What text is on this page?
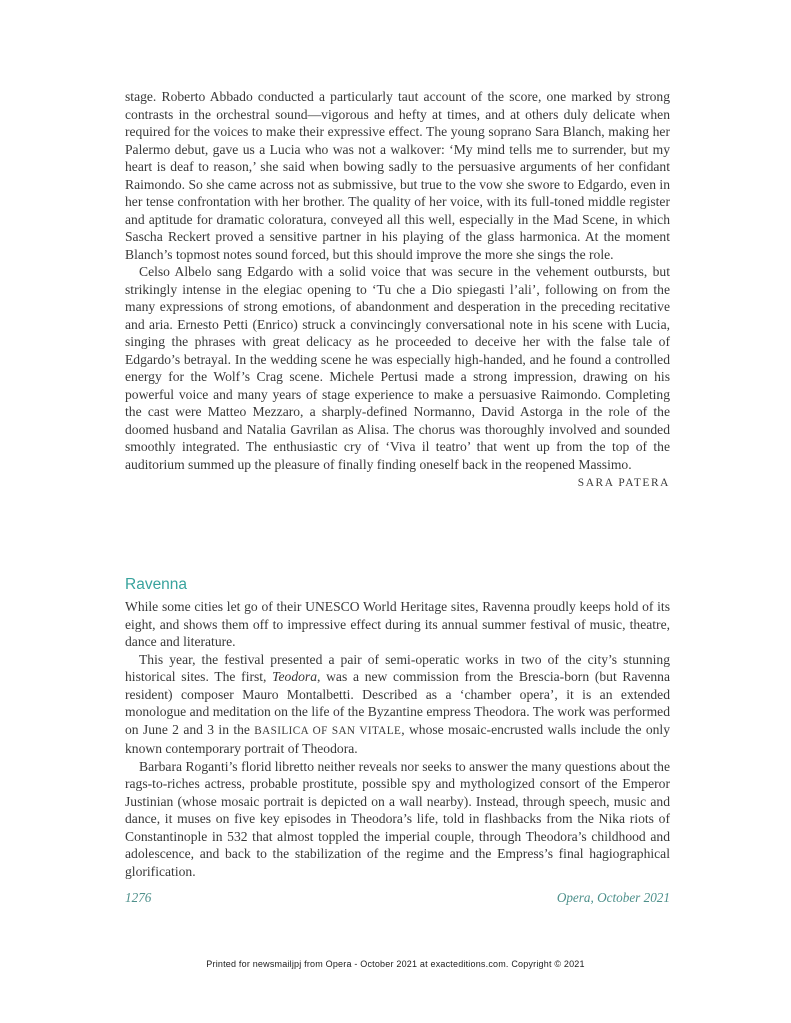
stage. Roberto Abbado conducted a particularly taut account of the score, one marked by strong contrasts in the orchestral sound—vigorous and hefty at times, and at others duly delicate when required for the voices to make their expressive effect. The young soprano Sara Blanch, making her Palermo debut, gave us a Lucia who was not a walkover: ‘My mind tells me to surrender, but my heart is deaf to reason,’ she said when bowing sadly to the persuasive arguments of her confidant Raimondo. So she came across not as submissive, but true to the vow she swore to Edgardo, even in her tense confrontation with her brother. The quality of her voice, with its full-toned middle register and aptitude for dramatic coloratura, conveyed all this well, especially in the Mad Scene, in which Sascha Reckert proved a sensitive partner in his playing of the glass harmonica. At the moment Blanch’s topmost notes sound forced, but this should improve the more she sings the role.

Celso Albelo sang Edgardo with a solid voice that was secure in the vehement outbursts, but strikingly intense in the elegiac opening to ‘Tu che a Dio spiegasti l’ali’, following on from the many expressions of strong emotions, of abandonment and desperation in the preceding recitative and aria. Ernesto Petti (Enrico) struck a convincingly conversational note in his scene with Lucia, singing the phrases with great delicacy as he proceeded to deceive her with the false tale of Edgardo’s betrayal. In the wedding scene he was especially high-handed, and he found a controlled energy for the Wolf’s Crag scene. Michele Pertusi made a strong impression, drawing on his powerful voice and many years of stage experience to make a persuasive Raimondo. Completing the cast were Matteo Mezzaro, a sharply-defined Normanno, David Astorga in the role of the doomed husband and Natalia Gavrilan as Alisa. The chorus was thoroughly involved and sounded smoothly integrated. The enthusiastic cry of ‘Viva il teatro’ that went up from the top of the auditorium summed up the pleasure of finally finding oneself back in the reopened Massimo.
SARA PATERA

Ravenna

While some cities let go of their UNESCO World Heritage sites, Ravenna proudly keeps hold of its eight, and shows them off to impressive effect during its annual summer festival of music, theatre, dance and literature.

This year, the festival presented a pair of semi-operatic works in two of the city’s stunning historical sites. The first, Teodora, was a new commission from the Brescia-born (but Ravenna resident) composer Mauro Montalbetti. Described as a ‘chamber opera’, it is an extended monologue and meditation on the life of the Byzantine empress Theodora. The work was performed on June 2 and 3 in the BASILICA OF SAN VITALE, whose mosaic-encrusted walls include the only known contemporary portrait of Theodora.

Barbara Roganti’s florid libretto neither reveals nor seeks to answer the many questions about the rags-to-riches actress, probable prostitute, possible spy and mythologized consort of the Emperor Justinian (whose mosaic portrait is depicted on a wall nearby). Instead, through speech, music and dance, it muses on five key episodes in Theodora’s life, told in flashbacks from the Nika riots of Constantinople in 532 that almost toppled the imperial couple, through Theodora’s childhood and adolescence, and back to the stabilization of the regime and the Empress’s final hagiographical glorification.

1276	Opera, October 2021
Printed for newsmailjpj from Opera - October 2021 at exacteditions.com. Copyright © 2021
